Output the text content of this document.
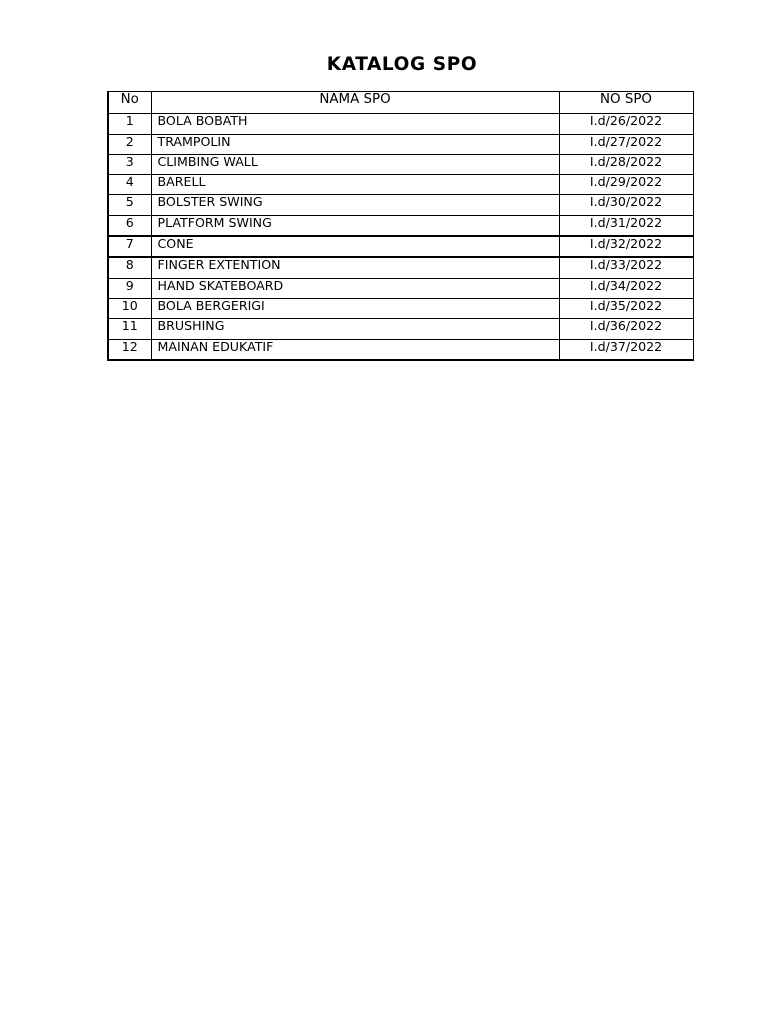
KATALOG SPO
No	NAMA SPO	NO SPO
1	BOLA BOBATH	I.d/26/2022
2	TRAMPOLIN	I.d/27/2022
3	CLIMBING WALL	I.d/28/2022
4	BARELL	I.d/29/2022
5	BOLSTER SWING	I.d/30/2022
6	PLATFORM SWING	I.d/31/2022
7	CONE	I.d/32/2022
8	FINGER EXTENTION	I.d/33/2022
9	HAND SKATEBOARD	I.d/34/2022
10	BOLA BERGERIGI	I.d/35/2022
11	BRUSHING	I.d/36/2022
12	MAINAN EDUKATIF	I.d/37/2022
